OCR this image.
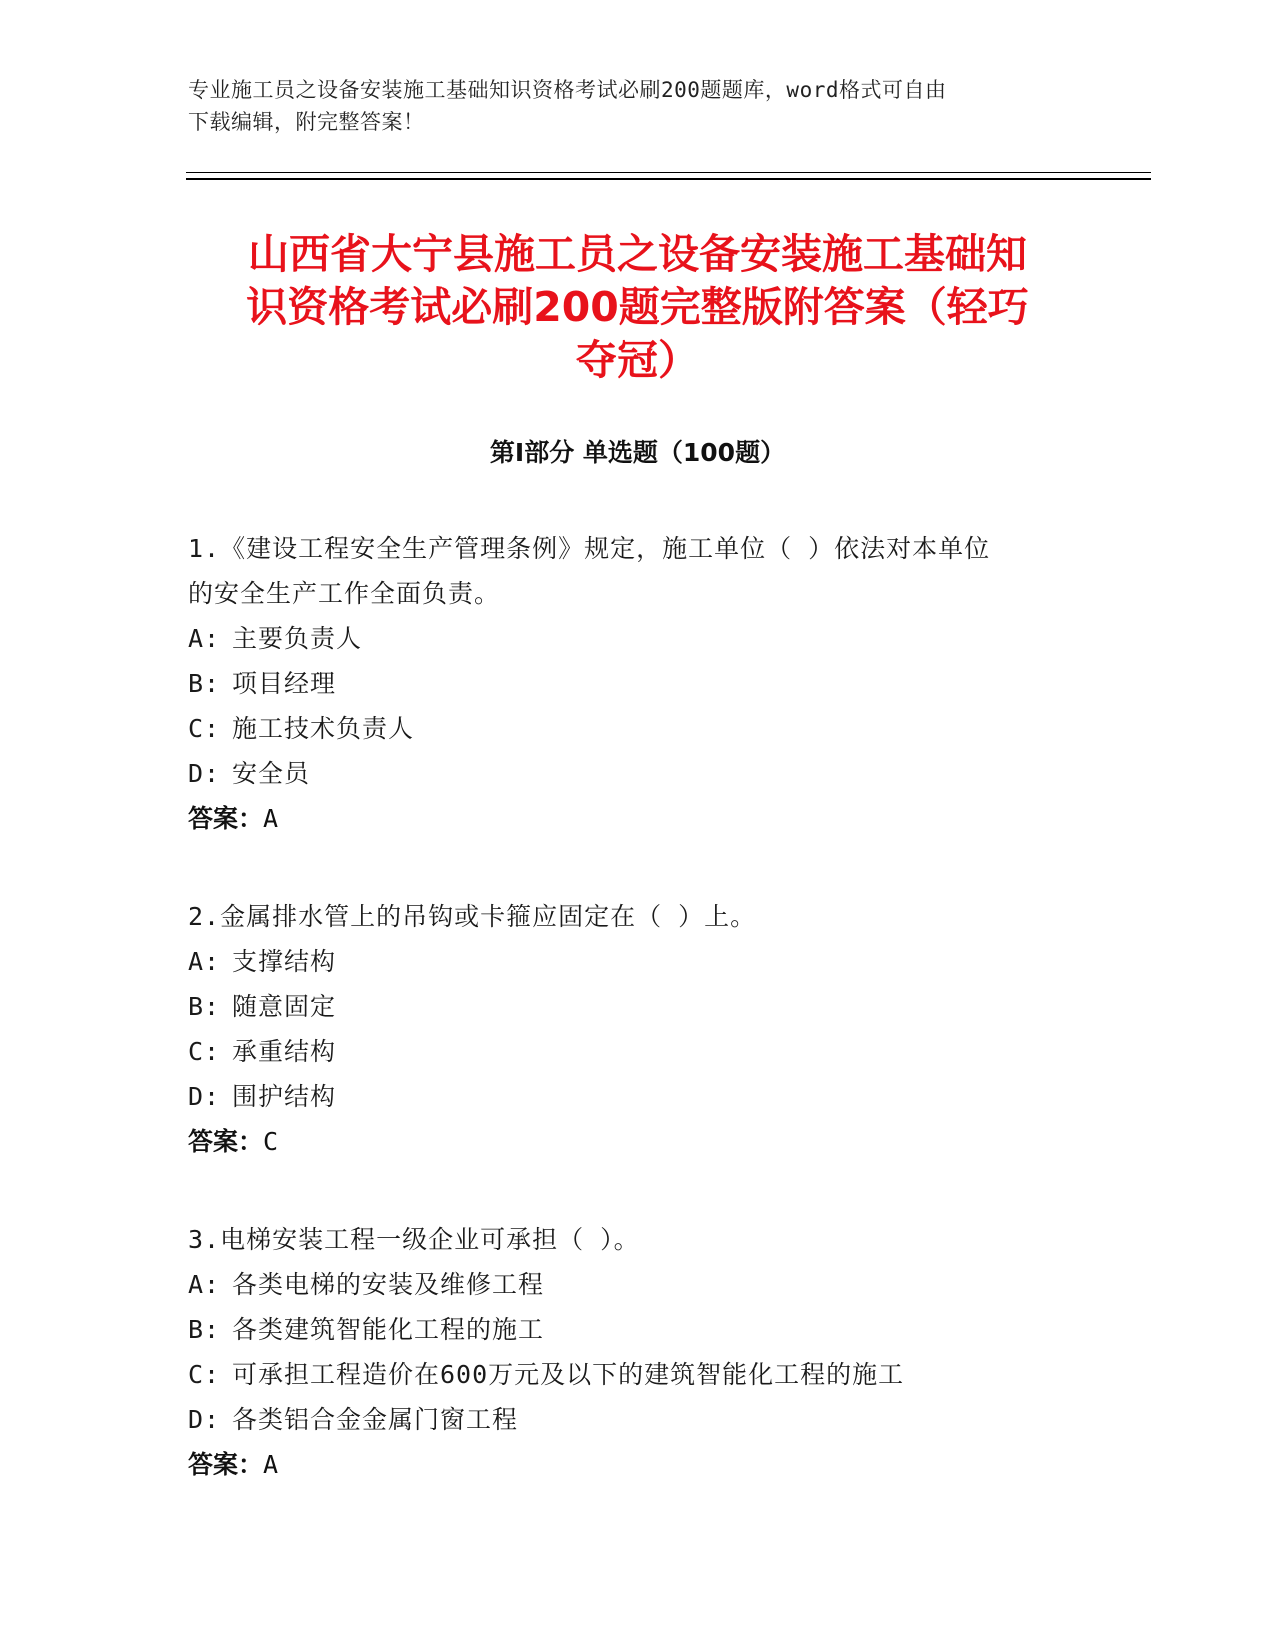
专业施工员之设备安装施工基础知识资格考试必刷200题题库，word格式可自由
下载编辑，附完整答案！
山西省大宁县施工员之设备安装施工基础知
识资格考试必刷200题完整版附答案（轻巧
夺冠）
第I部分 单选题（100题）
1.《建设工程安全生产管理条例》规定，施工单位（ ）依法对本单位
的安全生产工作全面负责。
A: 主要负责人
B: 项目经理
C: 施工技术负责人
D: 安全员
答案：A
2.金属排水管上的吊钩或卡箍应固定在（ ）上。
A: 支撑结构
B: 随意固定
C: 承重结构
D: 围护结构
答案：C
3.电梯安装工程一级企业可承担（ ）。
A: 各类电梯的安装及维修工程
B: 各类建筑智能化工程的施工
C: 可承担工程造价在600万元及以下的建筑智能化工程的施工
D: 各类铝合金金属门窗工程
答案：A
